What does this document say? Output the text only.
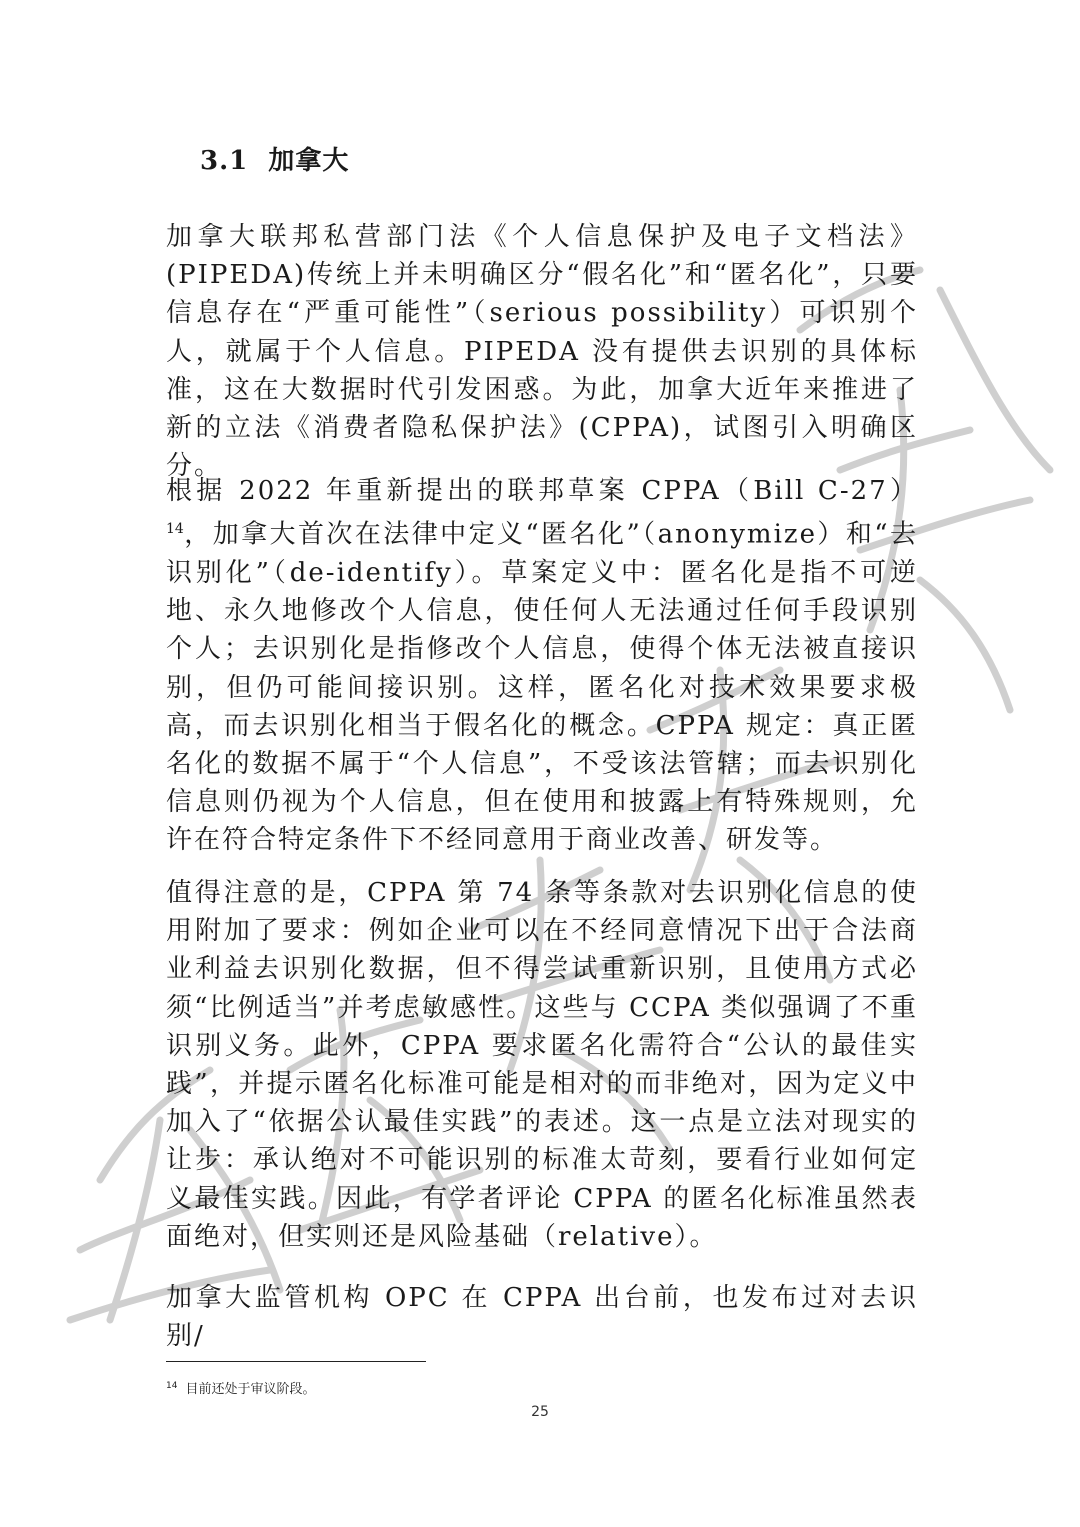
3.1 加拿大

加拿大联邦私营部门法《个人信息保护及电子文档法》(PIPEDA)传统上并未明确区分“假名化”和“匿名化”，只要信息存在“严重可能性”（serious possibility）可识别个人，就属于个人信息。PIPEDA 没有提供去识别的具体标准，这在大数据时代引发困惑。为此，加拿大近年来推进了新的立法《消费者隐私保护法》(CPPA)，试图引入明确区分。

根据 2022 年重新提出的联邦草案 CPPA（Bill C-27）$^{14}$，加拿大首次在法律中定义“匿名化”（anonymize）和“去识别化”（de-identify）。草案定义中：匿名化是指不可逆地、永久地修改个人信息，使任何人无法通过任何手段识别个人；去识别化是指修改个人信息，使得个体无法被直接识别，但仍可能间接识别。这样，匿名化对技术效果要求极高，而去识别化相当于假名化的概念。CPPA 规定：真正匿名化的数据不属于“个人信息”，不受该法管辖；而去识别化信息则仍视为个人信息，但在使用和披露上有特殊规则，允许在符合特定条件下不经同意用于商业改善、研发等。

值得注意的是，CPPA 第 74 条等条款对去识别化信息的使用附加了要求：例如企业可以在不经同意情况下出于合法商业利益去识别化数据，但不得尝试重新识别，且使用方式必须“比例适当”并考虑敏感性。这些与 CCPA 类似强调了不重识别义务。此外，CPPA 要求匿名化需符合“公认的最佳实践”，并提示匿名化标准可能是相对的而非绝对，因为定义中加入了“依据公认最佳实践”的表述。这一点是立法对现实的让步：承认绝对不可能识别的标准太苛刻，要看行业如何定义最佳实践。因此，有学者评论 CPPA 的匿名化标准虽然表面绝对，但实则还是风险基础（relative）。

加拿大监管机构 OPC 在 CPPA 出台前，也发布过对去识别/

$^{14}$ 目前还处于审议阶段。
25
